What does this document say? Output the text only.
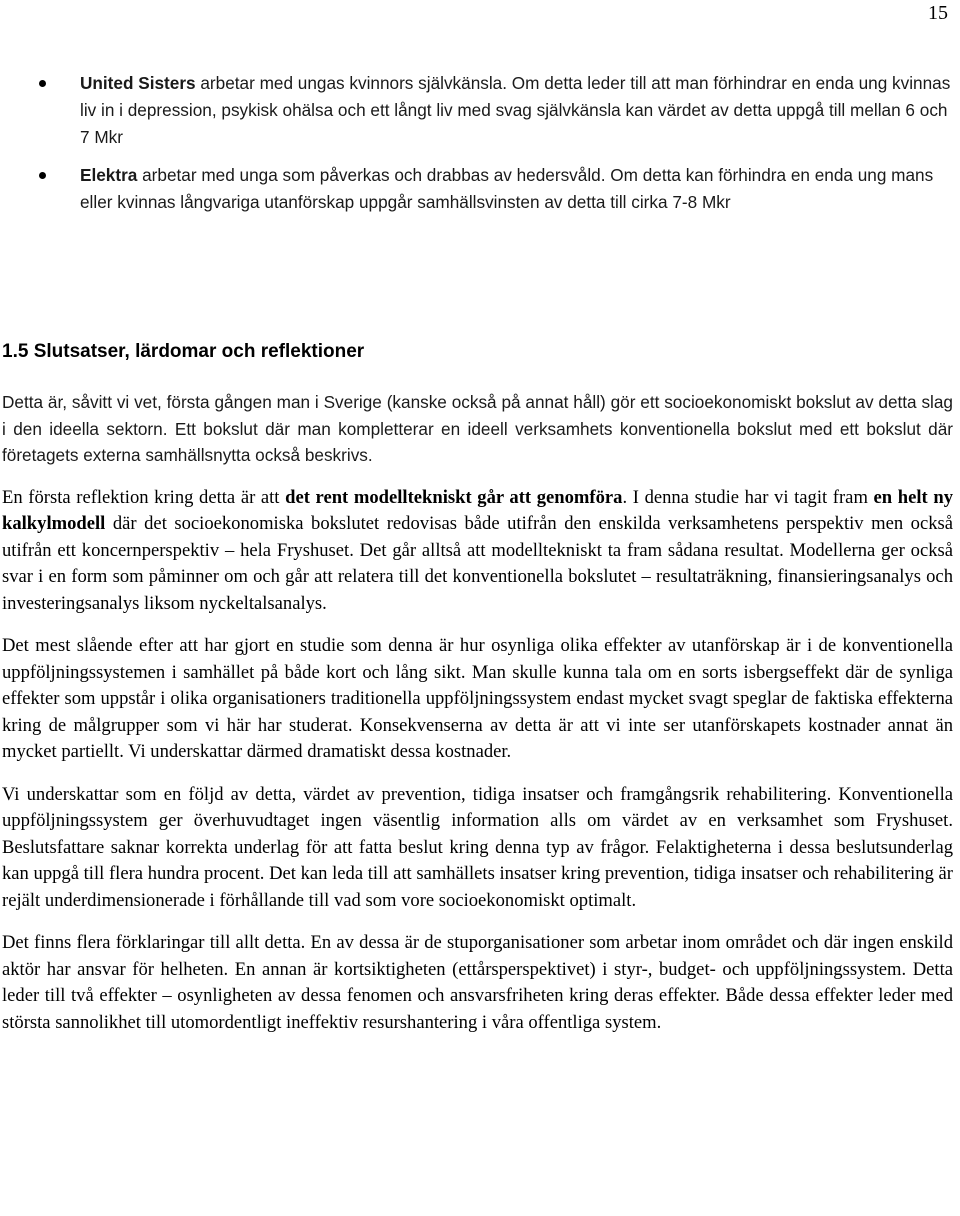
15
United Sisters arbetar med ungas kvinnors självkänsla. Om detta leder till att man förhindrar en enda ung kvinnas liv in i depression, psykisk ohälsa och ett långt liv med svag självkänsla kan värdet av detta uppgå till mellan 6 och 7 Mkr
Elektra arbetar med unga som påverkas och drabbas av hedersvåld. Om detta kan förhindra en enda ung mans eller kvinnas långvariga utanförskap uppgår samhällsvinsten av detta till cirka 7-8 Mkr
1.5 Slutsatser, lärdomar och reflektioner

Detta är, såvitt vi vet, första gången man i Sverige (kanske också på annat håll) gör ett socioekonomiskt bokslut av detta slag i den ideella sektorn. Ett bokslut där man kompletterar en ideell verksamhets konventionella bokslut med ett bokslut där företagets externa samhällsnytta också beskrivs.

En första reflektion kring detta är att det rent modelltekniskt går att genomföra. I denna studie har vi tagit fram en helt ny kalkylmodell där det socioekonomiska bokslutet redovisas både utifrån den enskilda verksamhetens perspektiv men också utifrån ett koncernperspektiv – hela Fryshuset. Det går alltså att modelltekniskt ta fram sådana resultat. Modellerna ger också svar i en form som påminner om och går att relatera till det konventionella bokslutet – resultaträkning, finansieringsanalys och investeringsanalys liksom nyckeltalsanalys.

Det mest slående efter att har gjort en studie som denna är hur osynliga olika effekter av utanförskap är i de konventionella uppföljningssystemen i samhället på både kort och lång sikt. Man skulle kunna tala om en sorts isbergseffekt där de synliga effekter som uppstår i olika organisationers traditionella uppföljningssystem endast mycket svagt speglar de faktiska effekterna kring de målgrupper som vi här har studerat. Konsekvenserna av detta är att vi inte ser utanförskapets kostnader annat än mycket partiellt. Vi underskattar därmed dramatiskt dessa kostnader.

Vi underskattar som en följd av detta, värdet av prevention, tidiga insatser och framgångsrik rehabilitering. Konventionella uppföljningssystem ger överhuvudtaget ingen väsentlig information alls om värdet av en verksamhet som Fryshuset. Beslutsfattare saknar korrekta underlag för att fatta beslut kring denna typ av frågor. Felaktigheterna i dessa beslutsunderlag kan uppgå till flera hundra procent. Det kan leda till att samhällets insatser kring prevention, tidiga insatser och rehabilitering är rejält underdimensionerade i förhållande till vad som vore socioekonomiskt optimalt.

Det finns flera förklaringar till allt detta. En av dessa är de stuporganisationer som arbetar inom området och där ingen enskild aktör har ansvar för helheten. En annan är kortsiktigheten (ettårsperspektivet) i styr-, budget- och uppföljningssystem. Detta leder till två effekter – osynligheten av dessa fenomen och ansvarsfriheten kring deras effekter. Både dessa effekter leder med största sannolikhet till utomordentligt ineffektiv resurshantering i våra offentliga system.
